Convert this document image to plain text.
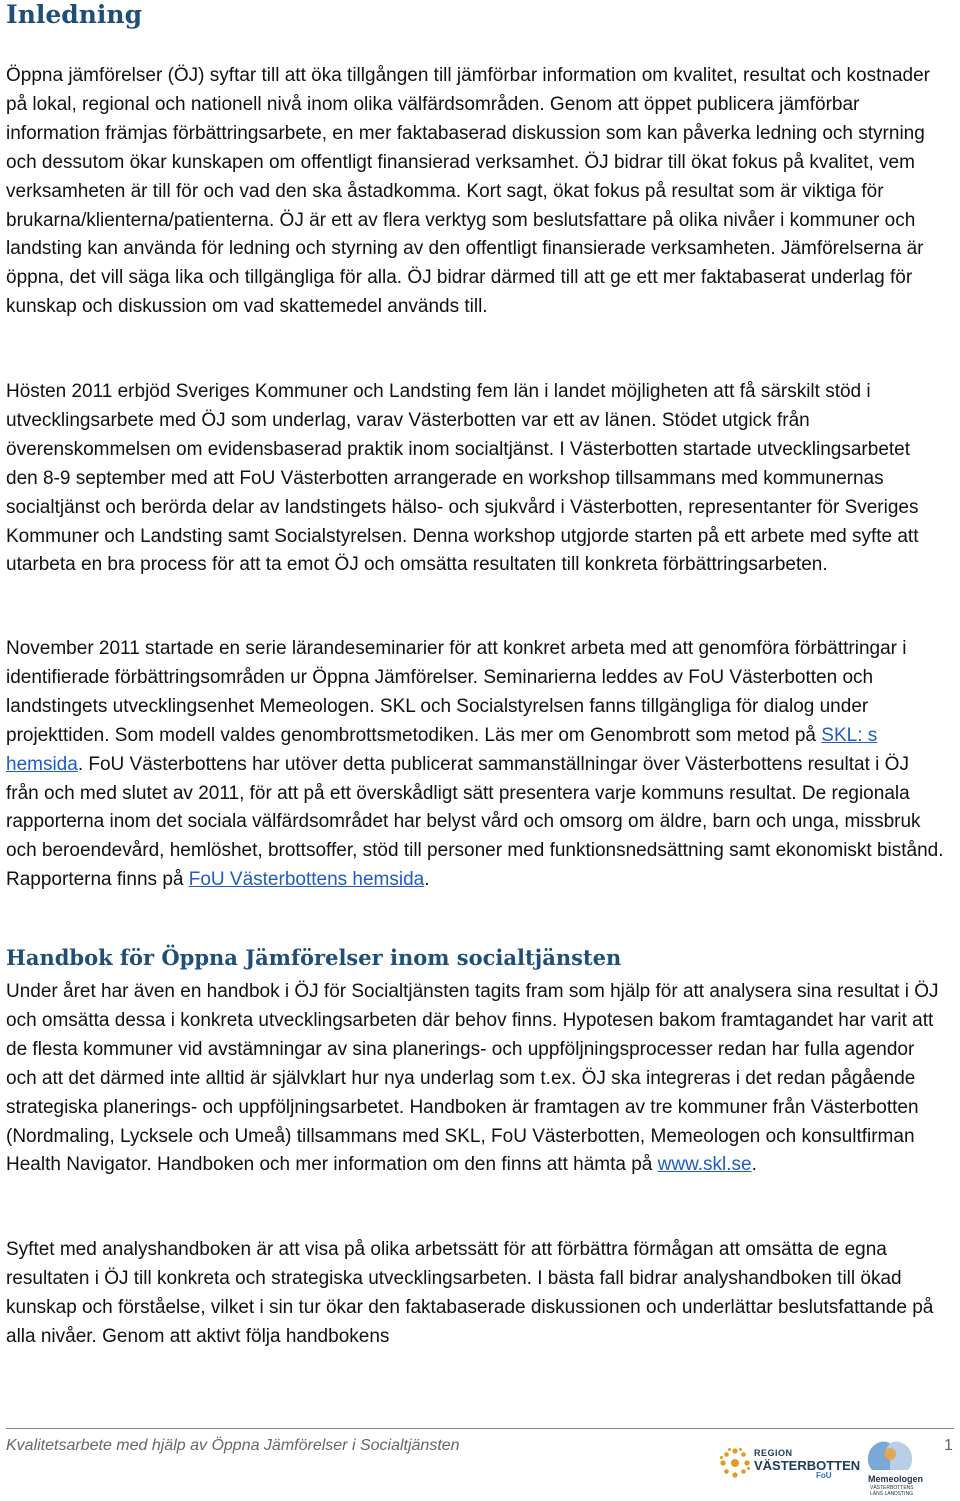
Inledning

Öppna jämförelser (ÖJ) syftar till att öka tillgången till jämförbar information om kvalitet, resultat och kostnader på lokal, regional och nationell nivå inom olika välfärdsområden. Genom att öppet publicera jämförbar information främjas förbättringsarbete, en mer faktabaserad diskussion som kan påverka ledning och styrning och dessutom ökar kunskapen om offentligt finansierad verksamhet. ÖJ bidrar till ökat fokus på kvalitet, vem verksamheten är till för och vad den ska åstadkomma. Kort sagt, ökat fokus på resultat som är viktiga för brukarna/klienterna/patienterna. ÖJ är ett av flera verktyg som beslutsfattare på olika nivåer i kommuner och landsting kan använda för ledning och styrning av den offentligt finansierade verksamheten. Jämförelserna är öppna, det vill säga lika och tillgängliga för alla. ÖJ bidrar därmed till att ge ett mer faktabaserat underlag för kunskap och diskussion om vad skattemedel används till.

Hösten 2011 erbjöd Sveriges Kommuner och Landsting fem län i landet möjligheten att få särskilt stöd i utvecklingsarbete med ÖJ som underlag, varav Västerbotten var ett av länen. Stödet utgick från överenskommelsen om evidensbaserad praktik inom socialtjänst. I Västerbotten startade utvecklingsarbetet den 8-9 september med att FoU Västerbotten arrangerade en workshop tillsammans med kommunernas socialtjänst och berörda delar av landstingets hälso- och sjukvård i Västerbotten, representanter för Sveriges Kommuner och Landsting samt Socialstyrelsen. Denna workshop utgjorde starten på ett arbete med syfte att utarbeta en bra process för att ta emot ÖJ och omsätta resultaten till konkreta förbättringsarbeten.

November 2011 startade en serie lärandeseminarier för att konkret arbeta med att genomföra förbättringar i identifierade förbättringsområden ur Öppna Jämförelser. Seminarierna leddes av FoU Västerbotten och landstingets utvecklingsenhet Memeologen. SKL och Socialstyrelsen fanns tillgängliga för dialog under projekttiden. Som modell valdes genombrottsmetodiken. Läs mer om Genombrott som metod på SKL: s hemsida. FoU Västerbottens har utöver detta publicerat sammanställningar över Västerbottens resultat i ÖJ från och med slutet av 2011, för att på ett överskådligt sätt presentera varje kommuns resultat. De regionala rapporterna inom det sociala välfärdsområdet har belyst vård och omsorg om äldre, barn och unga, missbruk och beroendevård, hemlöshet, brottsoffer, stöd till personer med funktionsnedsättning samt ekonomiskt bistånd. Rapporterna finns på FoU Västerbottens hemsida.

Handbok för Öppna Jämförelser inom socialtjänsten

Under året har även en handbok i ÖJ för Socialtjänsten tagits fram som hjälp för att analysera sina resultat i ÖJ och omsätta dessa i konkreta utvecklingsarbeten där behov finns. Hypotesen bakom framtagandet har varit att de flesta kommuner vid avstämningar av sina planerings- och uppföljningsprocesser redan har fulla agendor och att det därmed inte alltid är självklart hur nya underlag som t.ex. ÖJ ska integreras i det redan pågående strategiska planerings- och uppföljningsarbetet. Handboken är framtagen av tre kommuner från Västerbotten (Nordmaling, Lycksele och Umeå) tillsammans med SKL, FoU Västerbotten, Memeologen och konsultfirman Health Navigator. Handboken och mer information om den finns att hämta på www.skl.se.

Syftet med analyshandboken är att visa på olika arbetssätt för att förbättra förmågan att omsätta de egna resultaten i ÖJ till konkreta och strategiska utvecklingsarbeten. I bästa fall bidrar analyshandboken till ökad kunskap och förståelse, vilket i sin tur ökar den faktabaserade diskussionen och underlättar beslutsfattande på alla nivåer. Genom att aktivt följa handbokens

Kvalitetsarbete med hjälp av Öppna Jämförelser i Socialtjänsten	REGION
VÄSTERBOTTEN
FoU	Memeologen
VÄSTERBOTTENS LÄNS LANDSTING
1
